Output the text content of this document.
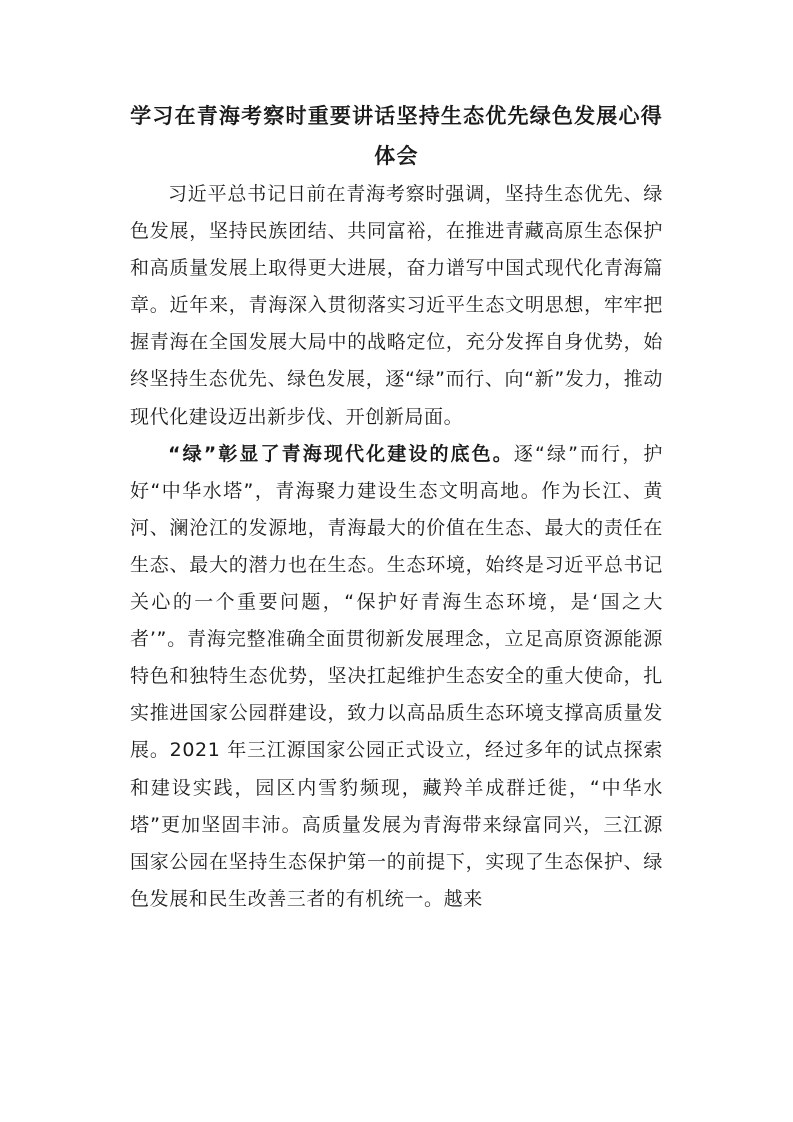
学习在青海考察时重要讲话坚持生态优先绿色发展心得体会

习近平总书记日前在青海考察时强调，坚持生态优先、绿色发展，坚持民族团结、共同富裕，在推进青藏高原生态保护和高质量发展上取得更大进展，奋力谱写中国式现代化青海篇章。近年来，青海深入贯彻落实习近平生态文明思想，牢牢把握青海在全国发展大局中的战略定位，充分发挥自身优势，始终坚持生态优先、绿色发展，逐“绿”而行、向“新”发力，推动现代化建设迈出新步伐、开创新局面。

“绿”彰显了青海现代化建设的底色。逐“绿”而行，护好“中华水塔”，青海聚力建设生态文明高地。作为长江、黄河、澜沧江的发源地，青海最大的价值在生态、最大的责任在生态、最大的潜力也在生态。生态环境，始终是习近平总书记关心的一个重要问题，“保护好青海生态环境，是‘国之大者’”。青海完整准确全面贯彻新发展理念，立足高原资源能源特色和独特生态优势，坚决扛起维护生态安全的重大使命，扎实推进国家公园群建设，致力以高品质生态环境支撑高质量发展。2021 年三江源国家公园正式设立，经过多年的试点探索和建设实践，园区内雪豹频现，藏羚羊成群迁徙，“中华水塔”更加坚固丰沛。高质量发展为青海带来绿富同兴，三江源国家公园在坚持生态保护第一的前提下，实现了生态保护、绿色发展和民生改善三者的有机统一。越来
